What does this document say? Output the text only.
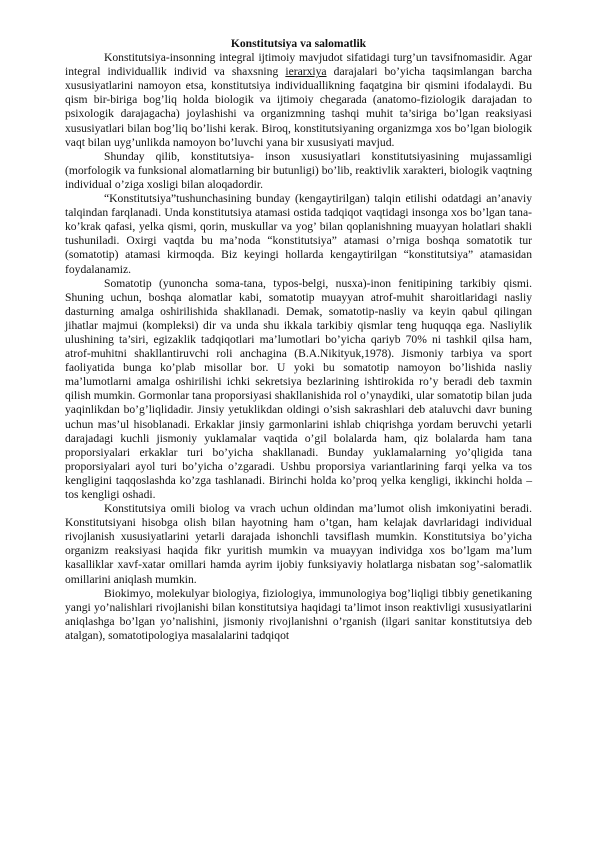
Konstitutsiya va salomatlik

Konstitutsiya-insonning integral ijtimoiy mavjudot sifatidagi turg’un tavsifnomasidir. Agar integral individuallik individ va shaxsning ierarxiya darajalari bo’yicha taqsimlangan barcha xususiyatlarini namoyon etsa, konstitutsiya individuallikning faqatgina bir qismini ifodalaydi. Bu qism bir-biriga bog’liq holda biologik va ijtimoiy chegarada (anatomo-fiziologik darajadan to psixologik darajagacha) joylashishi va organizmning tashqi muhit ta’siriga bo’lgan reaksiyasi xususiyatlari bilan bog’liq bo’lishi kerak. Biroq, konstitutsiyaning organizmga xos bo’lgan biologik vaqt bilan uyg’unlikda namoyon bo’luvchi yana bir xususiyati mavjud.

Shunday qilib, konstitutsiya- inson xususiyatlari konstitutsiyasining mujassamligi (morfologik va funksional alomatlarning bir butunligi) bo’lib, reaktivlik xarakteri, biologik vaqtning individual o’ziga xosligi bilan aloqadordir.

“Konstitutsiya”tushunchasining bunday (kengaytirilgan) talqin etilishi odatdagi an’anaviy talqindan farqlanadi. Unda konstitutsiya atamasi ostida tadqiqot vaqtidagi insonga xos bo’lgan tana-ko’krak qafasi, yelka qismi, qorin, muskullar va yog’ bilan qoplanishning muayyan holatlari shakli tushuniladi. Oxirgi vaqtda bu ma’noda “konstitutsiya” atamasi o’rniga boshqa somatotik tur (somatotip) atamasi kirmoqda. Biz keyingi hollarda kengaytirilgan “konstitutsiya” atamasidan foydalanamiz.

Somatotip (yunoncha soma-tana, typos-belgi, nusxa)-inon fenitipining tarkibiy qismi. Shuning uchun, boshqa alomatlar kabi, somatotip muayyan atrof-muhit sharoitlaridagi nasliy dasturning amalga oshirilishida shakllanadi. Demak, somatotip-nasliy va keyin qabul qilingan jihatlar majmui (kompleksi) dir va unda shu ikkala tarkibiy qismlar teng huquqqa ega. Nasliylik ulushining ta’siri, egizaklik tadqiqotlari ma’lumotlari bo’yicha qariyb 70% ni tashkil qilsa ham, atrof-muhitni shakllantiruvchi roli anchagina (B.A.Nikityuk,1978). Jismoniy tarbiya va sport faoliyatida bunga ko’plab misollar bor. U yoki bu somatotip namoyon bo’lishida nasliy ma’lumotlarni amalga oshirilishi ichki sekretsiya bezlarining ishtirokida ro’y beradi deb taxmin qilish mumkin. Gormonlar tana proporsiyasi shakllanishida rol o’ynaydiki, ular somatotip bilan juda yaqinlikdan bo’g’liqlidadir. Jinsiy yetuklikdan oldingi o’sish sakrashlari deb ataluvchi davr buning uchun mas’ul hisoblanadi. Erkaklar jinsiy garmonlarini ishlab chiqrishga yordam beruvchi yetarli darajadagi kuchli jismoniy yuklamalar vaqtida o’gil bolalarda ham, qiz bolalarda ham tana proporsiyalari erkaklar turi bo’yicha shakllanadi. Bunday yuklamalarning yo’qligida tana proporsiyalari ayol turi bo’yicha o’zgaradi. Ushbu proporsiya variantlarining farqi yelka va tos kengligini taqqoslashda ko’zga tashlanadi. Birinchi holda ko’proq yelka kengligi, ikkinchi holda –tos kengligi oshadi.

Konstitutsiya omili biolog va vrach uchun oldindan ma’lumot olish imkoniyatini beradi. Konstitutsiyani hisobga olish bilan hayotning ham o’tgan, ham kelajak davrlaridagi individual rivojlanish xususiyatlarini yetarli darajada ishonchli tavsiflash mumkin. Konstitutsiya bo’yicha organizm reaksiyasi haqida fikr yuritish mumkin va muayyan individga xos bo’lgam ma’lum kasalliklar xavf-xatar omillari hamda ayrim ijobiy funksiyaviy holatlarga nisbatan sog’-salomatlik omillarini aniqlash mumkin.

Biokimyo, molekulyar biologiya, fiziologiya, immunologiya bog’liqligi tibbiy genetikaning yangi yo’nalishlari rivojlanishi bilan konstitutsiya haqidagi ta’limot inson reaktivligi xususiyatlarini aniqlashga bo’lgan yo’nalishini, jismoniy rivojlanishni o’rganish (ilgari sanitar konstitutsiya deb atalgan), somatotipologiya masalalarini tadqiqot
